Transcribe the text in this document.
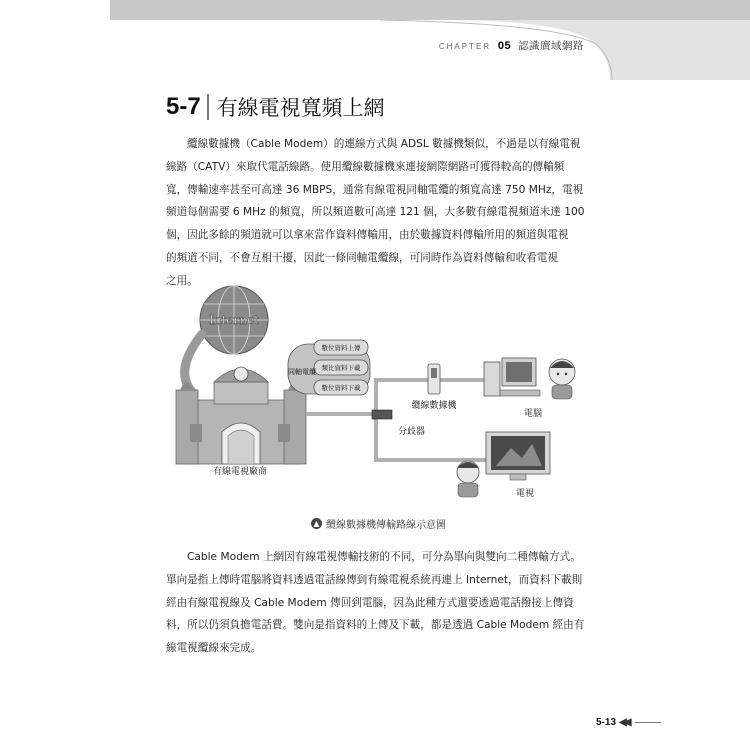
CHAPTER 05 認識廣域網路
5-7 有線電視寬頻上網
纜線數據機（Cable Modem）的連線方式與 ADSL 數據機類似，不過是以有線電視
線路（CATV）來取代電話線路。使用纜線數據機來連接網際網路可獲得較高的傳輸頻
寬，傳輸速率甚至可高達 36 MBPS，通常有線電視同軸電纜的頻寬高達 750 MHz，電視
頻道每個需要 6 MHz 的頻寬，所以頻道數可高達 121 個，大多數有線電視頻道未達 100
個，因此多餘的頻道就可以拿來當作資料傳輸用，由於數據資料傳輸所用的頻道與電視
的頻道不同，不會互相干擾，因此一條同軸電纜線，可同時作為資料傳輸和收看電視
之用。
Internet
有線電視廠商
同軸電纜
數位資料上傳
類比資料下載
數位資料下載
分歧器
纜線數據機
電腦
電視
▲ 纜線數據機傳輸路線示意圖
Cable Modem 上網因有線電視傳輸技術的不同，可分為單向與雙向二種傳輸方式。
單向是指上傳時電腦將資料透過電話線傳到有線電視系統再連上 Internet，而資料下載則
經由有線電視線及 Cable Modem 傳回到電腦，因為此種方式還要透過電話撥接上傳資
料，所以仍須負擔電話費。雙向是指資料的上傳及下載，都是透過 Cable Modem 經由有
線電視纜線來完成。
5-13 ◀◀
